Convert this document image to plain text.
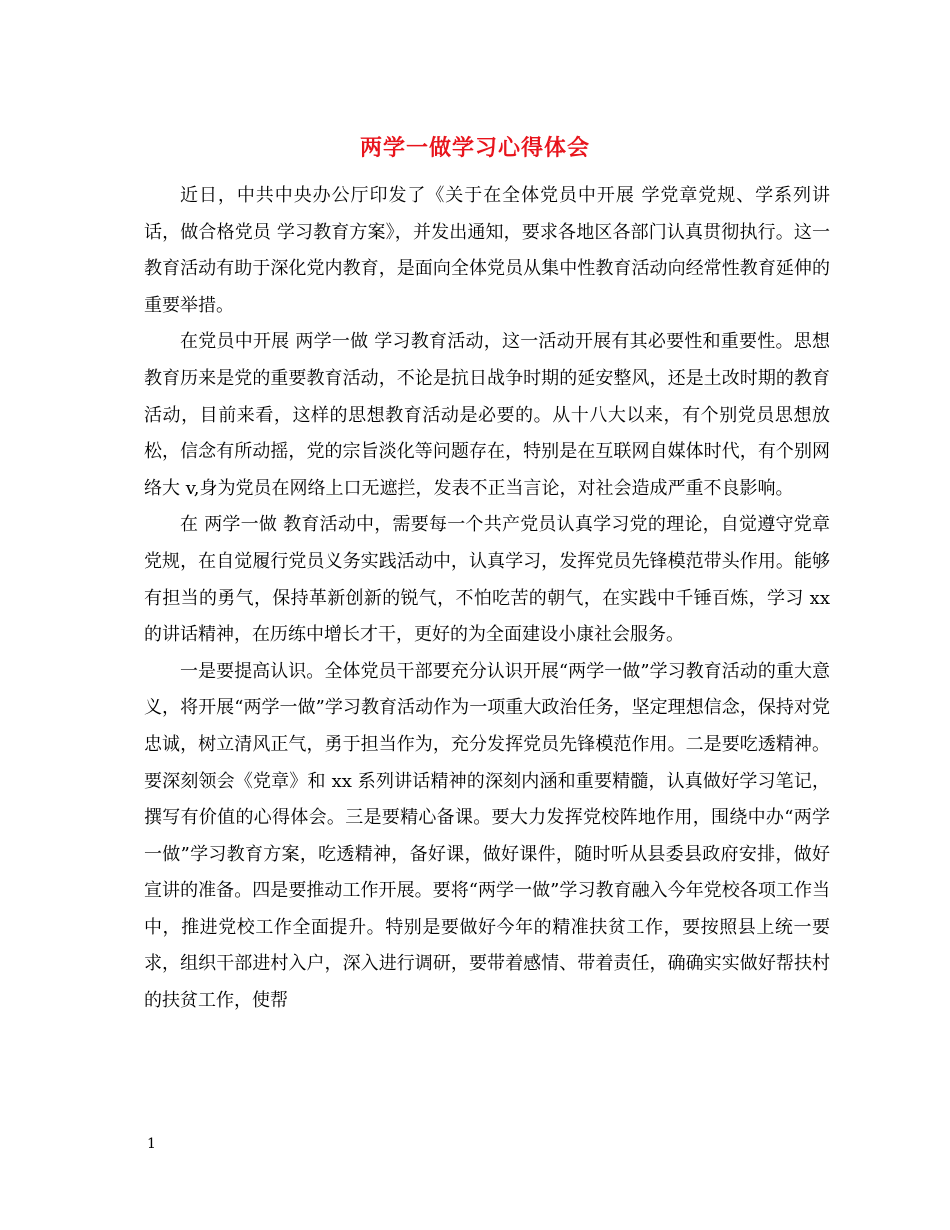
两学一做学习心得体会

近日，中共中央办公厅印发了《关于在全体党员中开展 学党章党规、学系列讲话，做合格党员 学习教育方案》，并发出通知，要求各地区各部门认真贯彻执行。这一教育活动有助于深化党内教育，是面向全体党员从集中性教育活动向经常性教育延伸的重要举措。

在党员中开展 两学一做 学习教育活动，这一活动开展有其必要性和重要性。思想教育历来是党的重要教育活动，不论是抗日战争时期的延安整风，还是土改时期的教育活动，目前来看，这样的思想教育活动是必要的。从十八大以来，有个别党员思想放松，信念有所动摇，党的宗旨淡化等问题存在，特别是在互联网自媒体时代，有个别网络大 v,身为党员在网络上口无遮拦，发表不正当言论，对社会造成严重不良影响。

在 两学一做 教育活动中，需要每一个共产党员认真学习党的理论，自觉遵守党章党规，在自觉履行党员义务实践活动中，认真学习，发挥党员先锋模范带头作用。能够有担当的勇气，保持革新创新的锐气，不怕吃苦的朝气，在实践中千锤百炼，学习 xx 的讲话精神，在历练中增长才干，更好的为全面建设小康社会服务。

一是要提高认识。全体党员干部要充分认识开展“两学一做”学习教育活动的重大意义，将开展“两学一做”学习教育活动作为一项重大政治任务，坚定理想信念，保持对党忠诚，树立清风正气，勇于担当作为，充分发挥党员先锋模范作用。二是要吃透精神。要深刻领会《党章》和 xx 系列讲话精神的深刻内涵和重要精髓，认真做好学习笔记，撰写有价值的心得体会。三是要精心备课。要大力发挥党校阵地作用，围绕中办“两学一做”学习教育方案，吃透精神，备好课，做好课件，随时听从县委县政府安排，做好宣讲的准备。四是要推动工作开展。要将“两学一做”学习教育融入今年党校各项工作当中，推进党校工作全面提升。特别是要做好今年的精准扶贫工作，要按照县上统一要求，组织干部进村入户，深入进行调研，要带着感情、带着责任，确确实实做好帮扶村的扶贫工作，使帮

1
